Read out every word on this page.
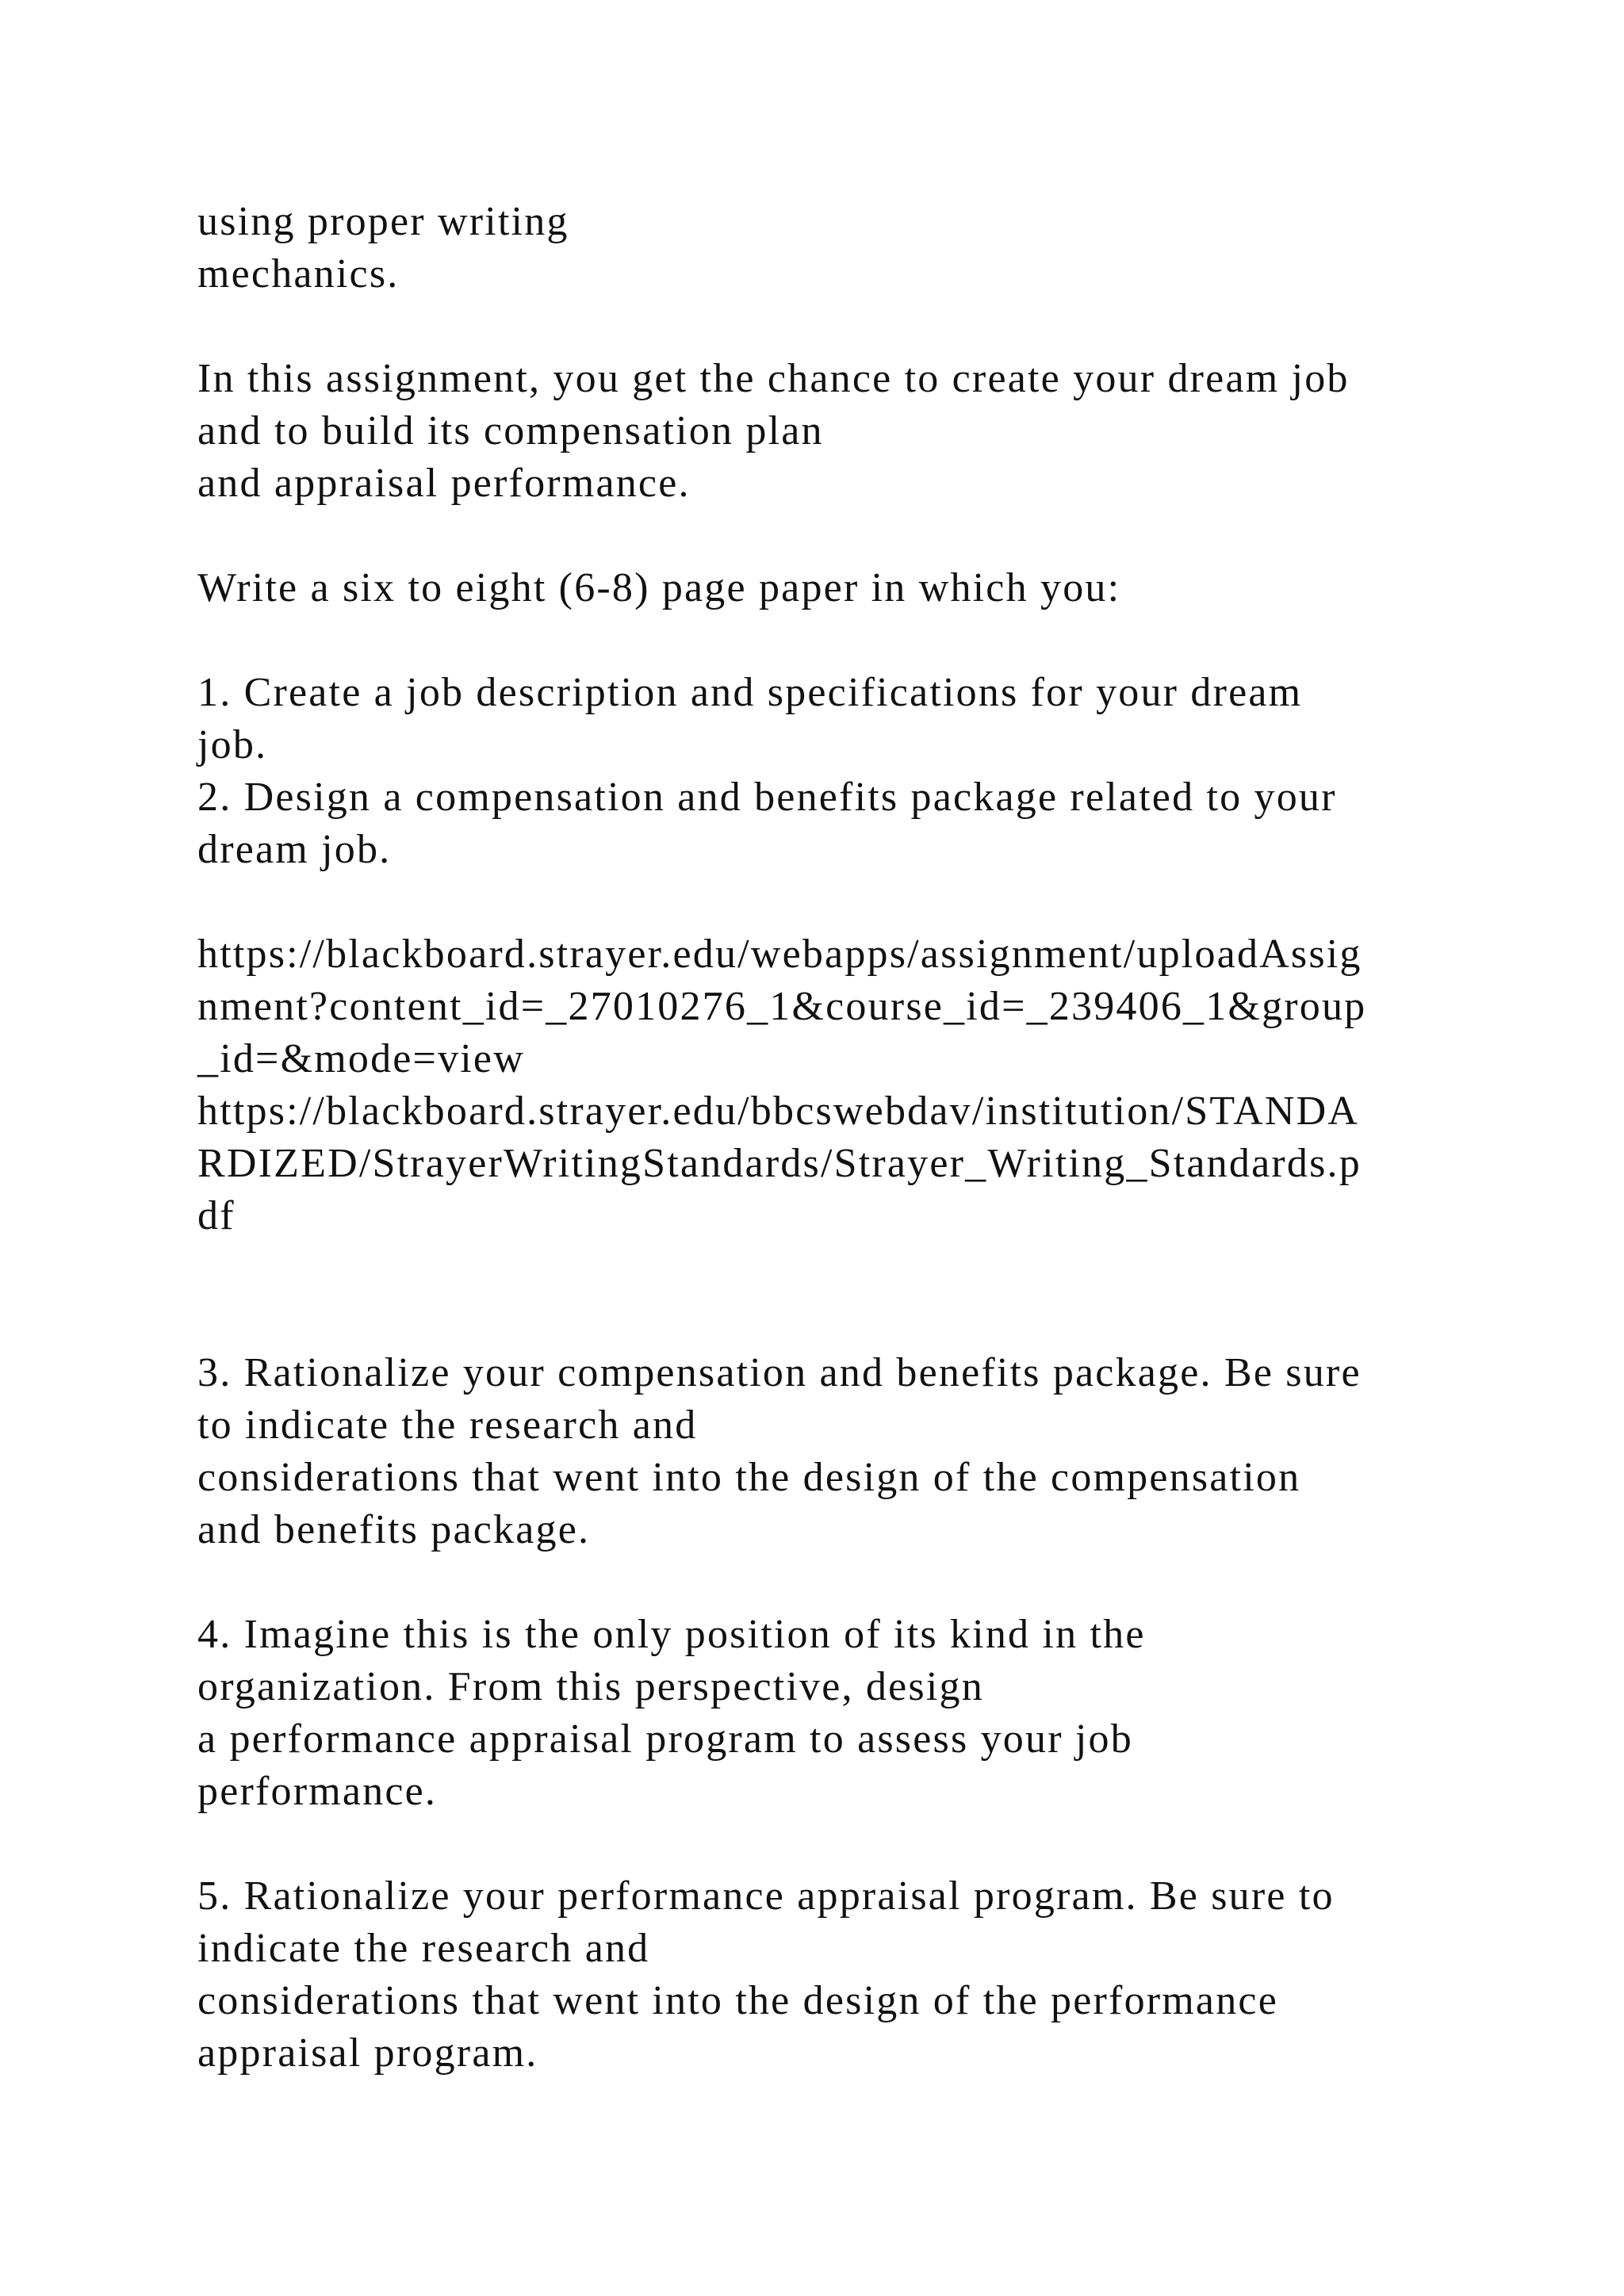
using proper writing
mechanics.
In this assignment, you get the chance to create your dream job
and to build its compensation plan
and appraisal performance.
Write a six to eight (6-8) page paper in which you:
1. Create a job description and specifications for your dream
job.
2. Design a compensation and benefits package related to your
dream job.
https://blackboard.strayer.edu/webapps/assignment/uploadAssig
nment?content_id=_27010276_1&course_id=_239406_1&group
_id=&mode=view
https://blackboard.strayer.edu/bbcswebdav/institution/STANDA
RDIZED/StrayerWritingStandards/Strayer_Writing_Standards.p
df
3. Rationalize your compensation and benefits package. Be sure
to indicate the research and
considerations that went into the design of the compensation
and benefits package.
4. Imagine this is the only position of its kind in the
organization. From this perspective, design
a performance appraisal program to assess your job
performance.
5. Rationalize your performance appraisal program. Be sure to
indicate the research and
considerations that went into the design of the performance
appraisal program.
